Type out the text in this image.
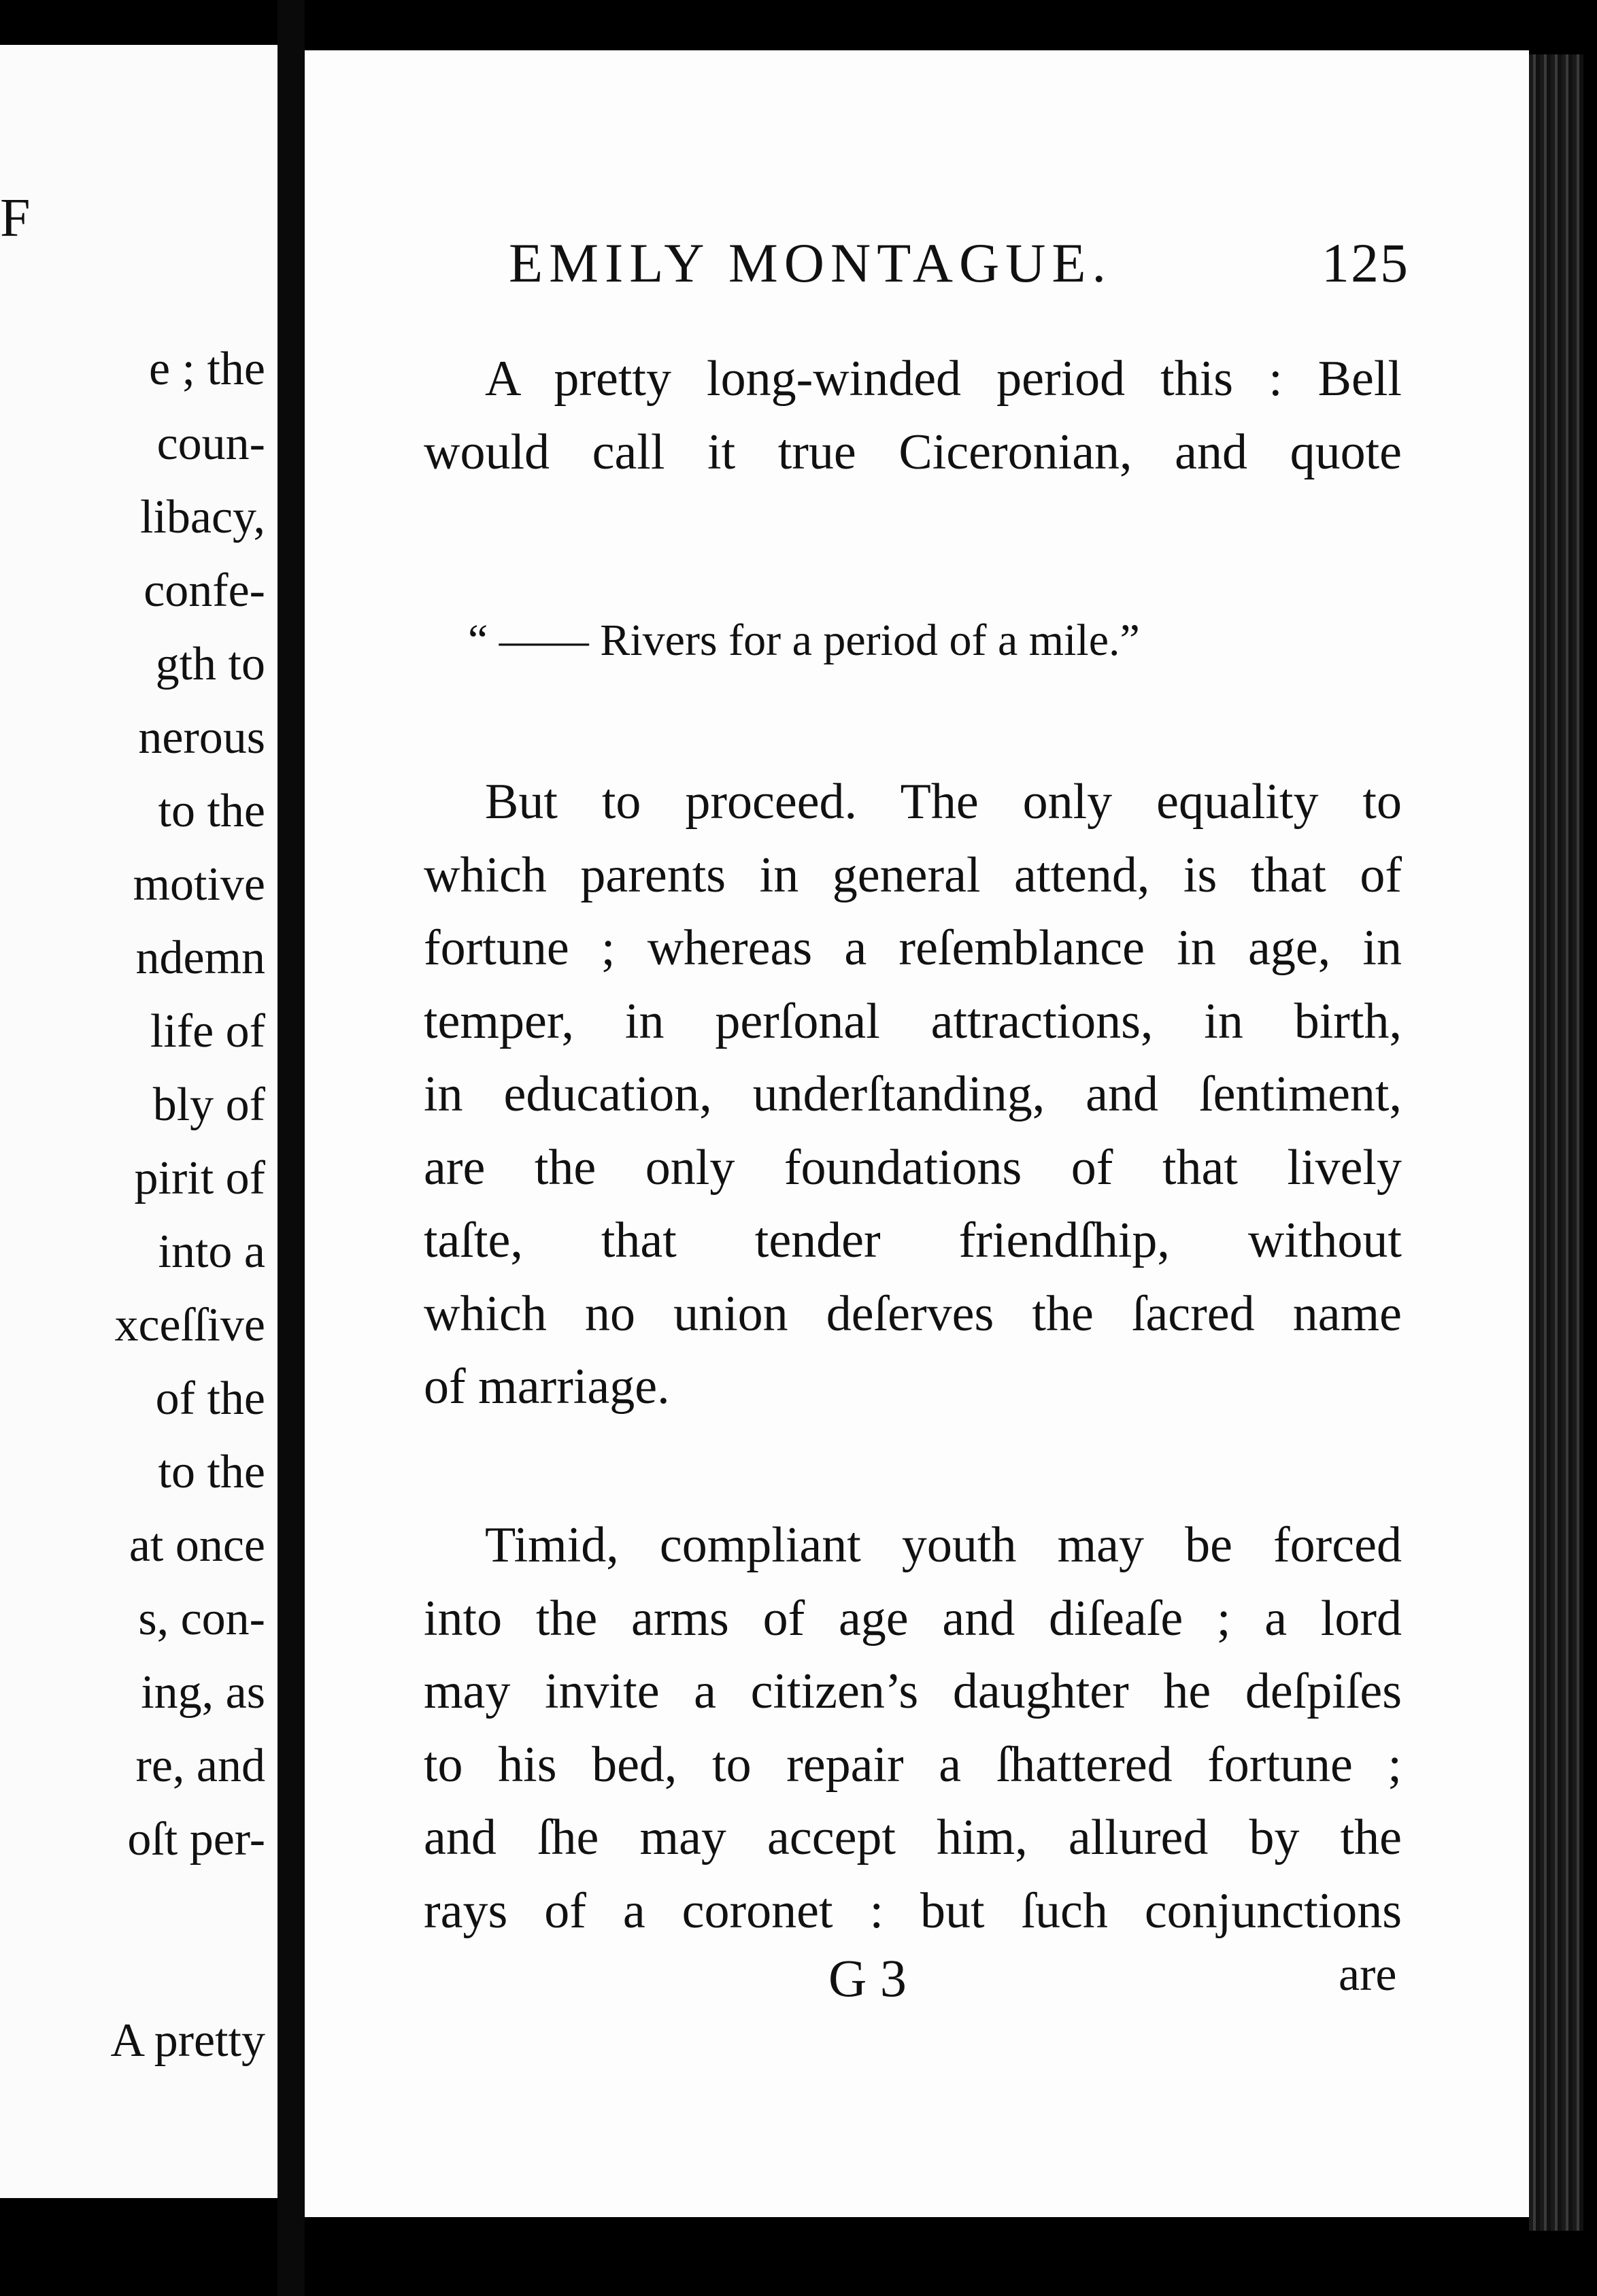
F
e ; the
coun-
libacy,
confe-
gth to
nerous
to the
motive
ndemn
life of
bly of
pirit of
into a
xceſſive
of the
to the
at once
s, con-
ing, as
re, and
oſt per-
A pretty
EMILY MONTAGUE.	125
A pretty long-winded period this : Bell
would call it true Ciceronian, and quote
“ —— Rivers for a period of a mile.”
But to proceed. The only equality to
which parents in general attend, is that of
fortune ; whereas a reſemblance in age, in
temper, in perſonal attractions, in birth,
in education, underſtanding, and ſentiment,
are the only foundations of that lively
taſte, that tender friendſhip, without
which no union deſerves the ſacred name
of marriage.
Timid, compliant youth may be forced
into the arms of age and diſeaſe ; a lord
may invite a citizen’s daughter he deſpiſes
to his bed, to repair a ſhattered fortune ;
and ſhe may accept him, allured by the
rays of a coronet : but ſuch conjunctions
G 3	are
